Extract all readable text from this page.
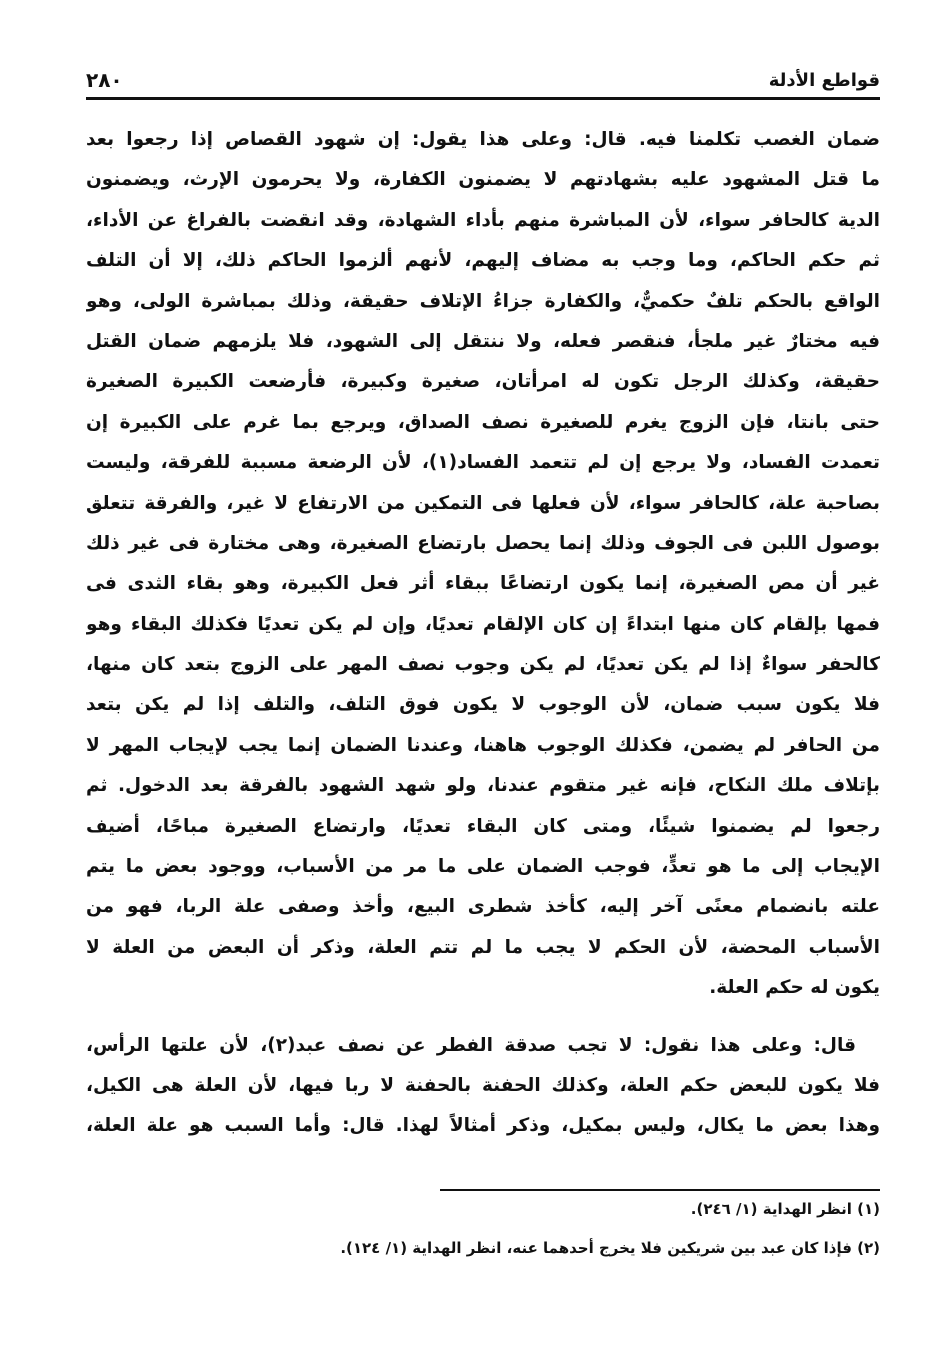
قواطع الأدلة
٢٨٠
ضمان الغصب تكلمنا فيه. قال: وعلى هذا يقول: إن شهود القصاص إذا رجعوا بعد
ما قتل المشهود عليه بشهادتهم لا يضمنون الكفارة، ولا يحرمون الإرث، ويضمنون
الدية كالحافر سواء، لأن المباشرة منهم بأداء الشهادة، وقد انقضت بالفراغ عن الأداء،
ثم حكم الحاكم، وما وجب به مضاف إليهم، لأنهم ألزموا الحاكم ذلك، إلا أن التلف
الواقع بالحكم تلفٌ حكميٌّ، والكفارة جزاءُ الإتلاف حقيقة، وذلك بمباشرة الولى، وهو
فيه مختارٌ غير ملجأ، فنقصر فعله، ولا ننتقل إلى الشهود، فلا يلزمهم ضمان القتل
حقيقة، وكذلك الرجل تكون له امرأتان، صغيرة وكبيرة، فأرضعت الكبيرة الصغيرة
حتى بانتا، فإن الزوج يغرم للصغيرة نصف الصداق، ويرجع بما غرم على الكبيرة إن
تعمدت الفساد، ولا يرجع إن لم تتعمد الفساد(١)، لأن الرضعة مسببة للفرقة، وليست
بصاحبة علة، كالحافر سواء، لأن فعلها فى التمكين من الارتفاع لا غير، والفرقة تتعلق
بوصول اللبن فى الجوف وذلك إنما يحصل بارتضاع الصغيرة، وهى مختارة فى غير ذلك
غير أن مص الصغيرة، إنما يكون ارتضاعًا ببقاء أثر فعل الكبيرة، وهو بقاء الثدى فى
فمها بإلقام كان منها ابتداءً إن كان الإلقام تعديًا، وإن لم يكن تعديًا فكذلك البقاء وهو
كالحفر سواءٌ إذا لم يكن تعديًا، لم يكن وجوب نصف المهر على الزوج بتعد كان منها،
فلا يكون سبب ضمان، لأن الوجوب لا يكون فوق التلف، والتلف إذا لم يكن بتعد
من الحافر لم يضمن، فكذلك الوجوب هاهنا، وعندنا الضمان إنما يجب لإيجاب المهر لا
بإتلاف ملك النكاح، فإنه غير متقوم عندنا، ولو شهد الشهود بالفرقة بعد الدخول. ثم
رجعوا لم يضمنوا شيئًا، ومتى كان البقاء تعديًا، وارتضاع الصغيرة مباحًا، أضيف
الإيجاب إلى ما هو تعدٍّ، فوجب الضمان على ما مر من الأسباب، ووجود بعض ما يتم
علته بانضمام معنًى آخر إليه، كأخذ شطرى البيع، وأخذ وصفى علة الربا، فهو من
الأسباب المحضة، لأن الحكم لا يجب ما لم تتم العلة، وذكر أن البعض من العلة لا
يكون له حكم العلة.
قال: وعلى هذا نقول: لا تجب صدقة الفطر عن نصف عبد(٢)، لأن علتها الرأس،
فلا يكون للبعض حكم العلة، وكذلك الحفنة بالحفنة لا ربا فيها، لأن العلة هى الكيل،
وهذا بعض ما يكال، وليس بمكيل، وذكر أمثالاً لهذا. قال: وأما السبب هو علة العلة،
(١) انظر الهداية (١/ ٢٤٦).
(٢) فإذا كان عبد بين شريكين فلا يخرج أحدهما عنه، انظر الهداية (١/ ١٢٤).
